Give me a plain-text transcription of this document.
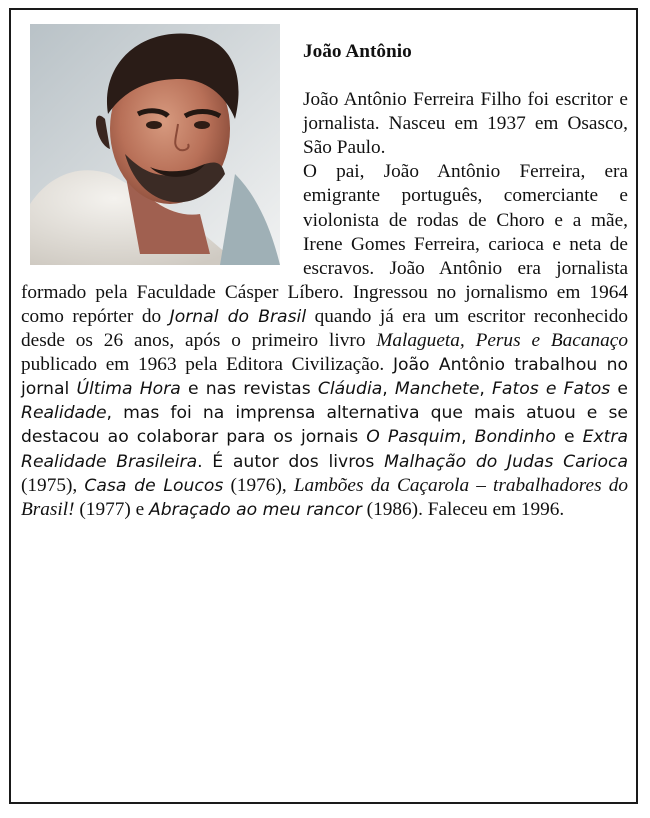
João Antônio

João Antônio Ferreira Filho foi escritor e jornalista. Nasceu em 1937 em Osasco, São Paulo.

O pai, João Antônio Ferreira, era emigrante português, comerciante e violonista de rodas de Choro e a mãe, Irene Gomes Ferreira, carioca e neta de escravos. João Antônio era jornalista formado pela Faculdade Cásper Líbero. Ingressou no jornalismo em 1964 como repórter do Jornal do Brasil quando já era um escritor reconhecido desde os 26 anos, após o primeiro livro Malagueta, Perus e Bacanaço publicado em 1963 pela Editora Civilização. João Antônio trabalhou no jornal Última Hora e nas revistas Cláudia, Manchete, Fatos e Fatos e Realidade, mas foi na imprensa alternativa que mais atuou e se destacou ao colaborar para os jornais O Pasquim, Bondinho e Extra Realidade Brasileira. É autor dos livros Malhação do Judas Carioca (1975), Casa de Loucos (1976), Lambões da Caçarola – trabalhadores do Brasil! (1977) e Abraçado ao meu rancor (1986). Faleceu em 1996.
